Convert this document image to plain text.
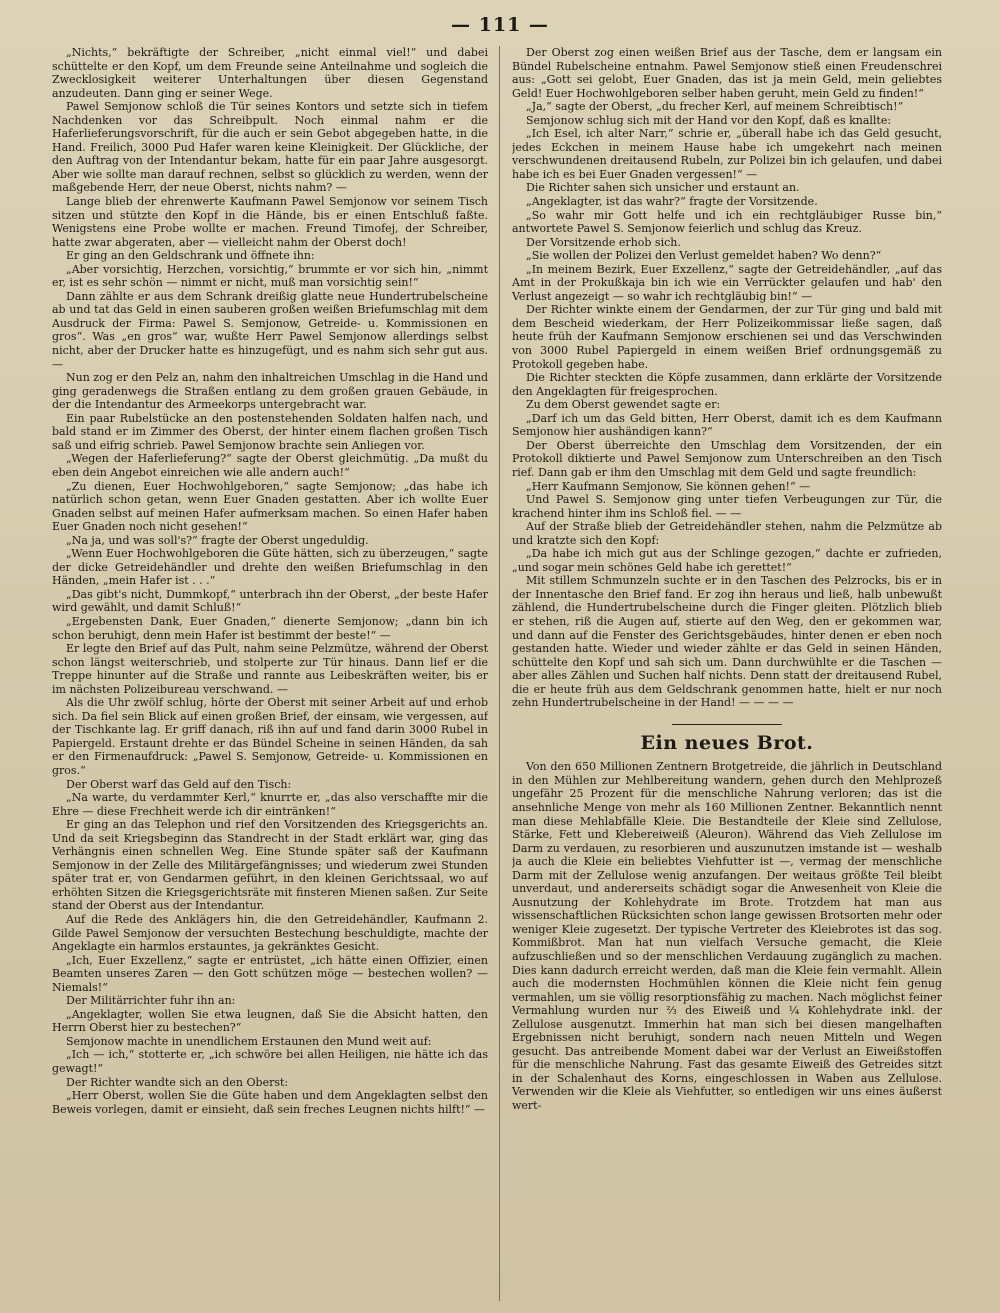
— 111 —

„Nichts,“ bekräftigte der Schreiber, „nicht einmal viel!“ und dabei schüttelte er den Kopf, um dem Freunde seine Anteilnahme und sogleich die Zwecklosigkeit weiterer Unterhaltungen über diesen Gegenstand anzudeuten. Dann ging er seiner Wege.

Pawel Semjonow schloß die Tür seines Kontors und setzte sich in tiefem Nachdenken vor das Schreibpult. Noch einmal nahm er die Haferlieferungsvorschrift, für die auch er sein Gebot abgegeben hatte, in die Hand. Freilich, 3000 Pud Hafer waren keine Kleinigkeit. Der Glückliche, der den Auftrag von der Intendantur bekam, hatte für ein paar Jahre ausgesorgt. Aber wie sollte man darauf rechnen, selbst so glücklich zu werden, wenn der maßgebende Herr, der neue Oberst, nichts nahm? —

Lange blieb der ehrenwerte Kaufmann Pawel Semjonow vor seinem Tisch sitzen und stützte den Kopf in die Hände, bis er einen Entschluß faßte. Wenigstens eine Probe wollte er machen. Freund Timofej, der Schreiber, hatte zwar abgeraten, aber — vielleicht nahm der Oberst doch!

Er ging an den Geldschrank und öffnete ihn:

„Aber vorsichtig, Herzchen, vorsichtig,“ brummte er vor sich hin, „nimmt er, ist es sehr schön — nimmt er nicht, muß man vorsichtig sein!“

Dann zählte er aus dem Schrank dreißig glatte neue Hundertrubelscheine ab und tat das Geld in einen sauberen großen weißen Briefumschlag mit dem Ausdruck der Firma: Pawel S. Semjonow, Getreide- u. Kommissionen en gros“. Was „en gros“ war, wußte Herr Pawel Semjonow allerdings selbst nicht, aber der Drucker hatte es hinzugefügt, und es nahm sich sehr gut aus. —

Nun zog er den Pelz an, nahm den inhaltreichen Umschlag in die Hand und ging geradenwegs die Straßen entlang zu dem großen grauen Gebäude, in der die Intendantur des Armeekorps untergebracht war.

Ein paar Rubelstücke an den postenstehenden Soldaten halfen nach, und bald stand er im Zimmer des Oberst, der hinter einem flachen großen Tisch saß und eifrig schrieb. Pawel Semjonow brachte sein Anliegen vor.

„Wegen der Haferlieferung?“ sagte der Oberst gleichmütig. „Da mußt du eben dein Angebot einreichen wie alle andern auch!“

„Zu dienen, Euer Hochwohlgeboren,“ sagte Semjonow; „das habe ich natürlich schon getan, wenn Euer Gnaden gestatten. Aber ich wollte Euer Gnaden selbst auf meinen Hafer aufmerksam machen. So einen Hafer haben Euer Gnaden noch nicht gesehen!“

„Na ja, und was soll's?“ fragte der Oberst ungeduldig.

„Wenn Euer Hochwohlgeboren die Güte hätten, sich zu überzeugen,“ sagte der dicke Getreidehändler und drehte den weißen Briefumschlag in den Händen, „mein Hafer ist . . .“

„Das gibt's nicht, Dummkopf,“ unterbrach ihn der Oberst, „der beste Hafer wird gewählt, und damit Schluß!“

„Ergebensten Dank, Euer Gnaden,“ dienerte Semjonow; „dann bin ich schon beruhigt, denn mein Hafer ist bestimmt der beste!“ —

Er legte den Brief auf das Pult, nahm seine Pelzmütze, während der Oberst schon längst weiterschrieb, und stolperte zur Tür hinaus. Dann lief er die Treppe hinunter auf die Straße und rannte aus Leibeskräften weiter, bis er im nächsten Polizeibureau verschwand. —

Als die Uhr zwölf schlug, hörte der Oberst mit seiner Arbeit auf und erhob sich. Da fiel sein Blick auf einen großen Brief, der einsam, wie vergessen, auf der Tischkante lag. Er griff danach, riß ihn auf und fand darin 3000 Rubel in Papiergeld. Erstaunt drehte er das Bündel Scheine in seinen Händen, da sah er den Firmenaufdruck: „Pawel S. Semjonow, Getreide- u. Kommissionen en gros.“

Der Oberst warf das Geld auf den Tisch:

„Na warte, du verdammter Kerl,“ knurrte er, „das also verschaffte mir die Ehre — diese Frechheit werde ich dir eintränken!“

Er ging an das Telephon und rief den Vorsitzenden des Kriegsgerichts an. Und da seit Kriegsbeginn das Standrecht in der Stadt erklärt war, ging das Verhängnis einen schnellen Weg. Eine Stunde später saß der Kaufmann Semjonow in der Zelle des Militärgefängnisses; und wiederum zwei Stunden später trat er, von Gendarmen geführt, in den kleinen Gerichtssaal, wo auf erhöhten Sitzen die Kriegsgerichtsräte mit finsteren Mienen saßen. Zur Seite stand der Oberst aus der Intendantur.

Auf die Rede des Anklägers hin, die den Getreidehändler, Kaufmann 2. Gilde Pawel Semjonow der versuchten Bestechung beschuldigte, machte der Angeklagte ein harmlos erstauntes, ja gekränktes Gesicht.

„Ich, Euer Exzellenz,“ sagte er entrüstet, „ich hätte einen Offizier, einen Beamten unseres Zaren — den Gott schützen möge — bestechen wollen? — Niemals!“

Der Militärrichter fuhr ihn an:

„Angeklagter, wollen Sie etwa leugnen, daß Sie die Absicht hatten, den Herrn Oberst hier zu bestechen?“

Semjonow machte in unendlichem Erstaunen den Mund weit auf:

„Ich — ich,“ stotterte er, „ich schwöre bei allen Heiligen, nie hätte ich das gewagt!“

Der Richter wandte sich an den Oberst:

„Herr Oberst, wollen Sie die Güte haben und dem Angeklagten selbst den Beweis vorlegen, damit er einsieht, daß sein freches Leugnen nichts hilft!“ —

Der Oberst zog einen weißen Brief aus der Tasche, dem er langsam ein Bündel Rubelscheine entnahm. Pawel Semjonow stieß einen Freudenschrei aus: „Gott sei gelobt, Euer Gnaden, das ist ja mein Geld, mein geliebtes Geld! Euer Hochwohlgeboren selber haben geruht, mein Geld zu finden!“

„Ja,“ sagte der Oberst, „du frecher Kerl, auf meinem Schreibtisch!“

Semjonow schlug sich mit der Hand vor den Kopf, daß es knallte:

„Ich Esel, ich alter Narr,“ schrie er, „überall habe ich das Geld gesucht, jedes Eckchen in meinem Hause habe ich umgekehrt nach meinen verschwundenen dreitausend Rubeln, zur Polizei bin ich gelaufen, und dabei habe ich es bei Euer Gnaden vergessen!“ —

Die Richter sahen sich unsicher und erstaunt an.

„Angeklagter, ist das wahr?“ fragte der Vorsitzende.

„So wahr mir Gott helfe und ich ein rechtgläubiger Russe bin,“ antwortete Pawel S. Semjonow feierlich und schlug das Kreuz.

Der Vorsitzende erhob sich.

„Sie wollen der Polizei den Verlust gemeldet haben? Wo denn?“

„In meinem Bezirk, Euer Exzellenz,“ sagte der Getreidehändler, „auf das Amt in der Prokußkaja bin ich wie ein Verrückter gelaufen und hab' den Verlust angezeigt — so wahr ich rechtgläubig bin!“ —

Der Richter winkte einem der Gendarmen, der zur Tür ging und bald mit dem Bescheid wiederkam, der Herr Polizeikommissar ließe sagen, daß heute früh der Kaufmann Semjonow erschienen sei und das Verschwinden von 3000 Rubel Papiergeld in einem weißen Brief ordnungsgemäß zu Protokoll gegeben habe.

Die Richter steckten die Köpfe zusammen, dann erklärte der Vorsitzende den Angeklagten für freigesprochen.

Zu dem Oberst gewendet sagte er:

„Darf ich um das Geld bitten, Herr Oberst, damit ich es dem Kaufmann Semjonow hier aushändigen kann?“

Der Oberst überreichte den Umschlag dem Vorsitzenden, der ein Protokoll diktierte und Pawel Semjonow zum Unterschreiben an den Tisch rief. Dann gab er ihm den Umschlag mit dem Geld und sagte freundlich:

„Herr Kaufmann Semjonow, Sie können gehen!“ —

Und Pawel S. Semjonow ging unter tiefen Verbeugungen zur Tür, die krachend hinter ihm ins Schloß fiel. — —

Auf der Straße blieb der Getreidehändler stehen, nahm die Pelzmütze ab und kratzte sich den Kopf:

„Da habe ich mich gut aus der Schlinge gezogen,“ dachte er zufrieden, „und sogar mein schönes Geld habe ich gerettet!“

Mit stillem Schmunzeln suchte er in den Taschen des Pelzrocks, bis er in der Innentasche den Brief fand. Er zog ihn heraus und ließ, halb unbewußt zählend, die Hundertrubelscheine durch die Finger gleiten. Plötzlich blieb er stehen, riß die Augen auf, stierte auf den Weg, den er gekommen war, und dann auf die Fenster des Gerichtsgebäudes, hinter denen er eben noch gestanden hatte. Wieder und wieder zählte er das Geld in seinen Händen, schüttelte den Kopf und sah sich um. Dann durchwühlte er die Taschen — aber alles Zählen und Suchen half nichts. Denn statt der dreitausend Rubel, die er heute früh aus dem Geldschrank genommen hatte, hielt er nur noch zehn Hundertrubelscheine in der Hand! — — — —

Ein neues Brot.

Von den 650 Millionen Zentnern Brotgetreide, die jährlich in Deutschland in den Mühlen zur Mehlbereitung wandern, gehen durch den Mehlprozeß ungefähr 25 Prozent für die menschliche Nahrung verloren; das ist die ansehnliche Menge von mehr als 160 Millionen Zentner. Bekanntlich nennt man diese Mehlabfälle Kleie. Die Bestandteile der Kleie sind Zellulose, Stärke, Fett und Klebereiweiß (Aleuron). Während das Vieh Zellulose im Darm zu verdauen, zu resorbieren und auszunutzen imstande ist — weshalb ja auch die Kleie ein beliebtes Viehfutter ist —, vermag der menschliche Darm mit der Zellulose wenig anzufangen. Der weitaus größte Teil bleibt unverdaut, und andererseits schädigt sogar die Anwesenheit von Kleie die Ausnutzung der Kohlehydrate im Brote. Trotzdem hat man aus wissenschaftlichen Rücksichten schon lange gewissen Brotsorten mehr oder weniger Kleie zugesetzt. Der typische Vertreter des Kleiebrotes ist das sog. Kommißbrot. Man hat nun vielfach Versuche gemacht, die Kleie aufzuschließen und so der menschlichen Verdauung zugänglich zu machen. Dies kann dadurch erreicht werden, daß man die Kleie fein vermahlt. Allein auch die modernsten Hochmühlen können die Kleie nicht fein genug vermahlen, um sie völlig resorptionsfähig zu machen. Nach möglichst feiner Vermahlung wurden nur ⅔ des Eiweiß und ¼ Kohlehydrate inkl. der Zellulose ausgenutzt. Immerhin hat man sich bei diesen mangelhaften Ergebnissen nicht beruhigt, sondern nach neuen Mitteln und Wegen gesucht. Das antreibende Moment dabei war der Verlust an Eiweißstoffen für die menschliche Nahrung. Fast das gesamte Eiweiß des Getreides sitzt in der Schalenhaut des Korns, eingeschlossen in Waben aus Zellulose. Verwenden wir die Kleie als Viehfutter, so entledigen wir uns eines äußerst wert-
